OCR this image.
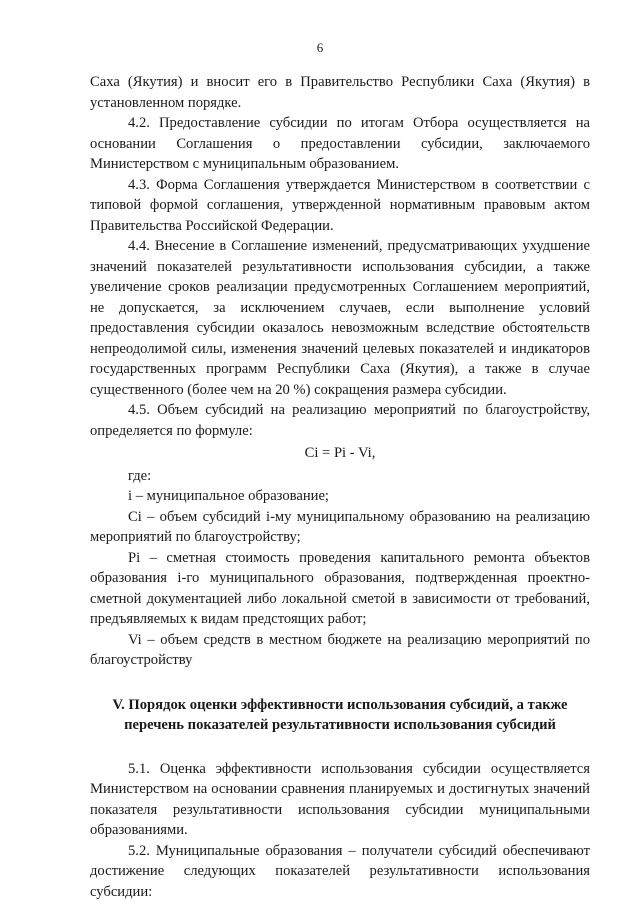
6

Саха (Якутия) и вносит его в Правительство Республики Саха (Якутия) в установленном порядке.

4.2. Предоставление субсидии по итогам Отбора осуществляется на основании Соглашения о предоставлении субсидии, заключаемого Министерством с муниципальным образованием.

4.3. Форма Соглашения утверждается Министерством в соответствии с типовой формой соглашения, утвержденной нормативным правовым актом Правительства Российской Федерации.

4.4. Внесение в Соглашение изменений, предусматривающих ухудшение значений показателей результативности использования субсидии, а также увеличение сроков реализации предусмотренных Соглашением мероприятий, не допускается, за исключением случаев, если выполнение условий предоставления субсидии оказалось невозможным вследствие обстоятельств непреодолимой силы, изменения значений целевых показателей и индикаторов государственных программ Республики Саха (Якутия), а также в случае существенного (более чем на 20 %) сокращения размера субсидии.

4.5. Объем субсидий на реализацию мероприятий по благоустройству, определяется по формуле:

Ci = Pi - Vi,

где:

i – муниципальное образование;

Ci – объем субсидий i-му муниципальному образованию на реализацию мероприятий по благоустройству;

Pi – сметная стоимость проведения капитального ремонта объектов образования i-го муниципального образования, подтвержденная проектно-сметной документацией либо локальной сметой в зависимости от требований, предъявляемых к видам предстоящих работ;

Vi – объем средств в местном бюджете на реализацию мероприятий по благоустройству

V. Порядок оценки эффективности использования субсидий, а также перечень показателей результативности использования субсидий

5.1. Оценка эффективности использования субсидии осуществляется Министерством на основании сравнения планируемых и достигнутых значений показателя результативности использования субсидии муниципальными образованиями.

5.2. Муниципальные образования – получатели субсидий обеспечивают достижение следующих показателей результативности использования субсидии:
